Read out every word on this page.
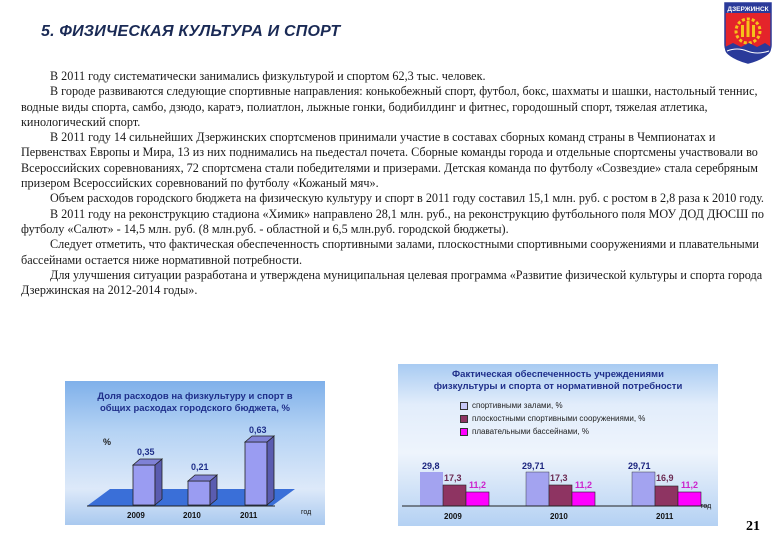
5. ФИЗИЧЕСКАЯ КУЛЬТУРА И СПОРТ
ДЗЕРЖИНСК

В 2011 году систематически занимались физкультурой и спортом 62,3 тыс. человек.

В городе развиваются следующие спортивные направления: конькобежный спорт, футбол, бокс, шахматы и шашки, настольный теннис, водные виды спорта, самбо, дзюдо, каратэ, полиатлон, лыжные гонки, бодибилдинг и фитнес, городошный спорт, тяжелая атлетика, кинологический спорт.

В 2011 году 14 сильнейших Дзержинских спортсменов принимали участие в составах сборных команд страны в Чемпионатах и Первенствах Европы и Мира, 13 из них поднимались на пьедестал почета. Сборные команды города и отдельные спортсмены участвовали во Всероссийских соревнованиях, 72 спортсмена стали победителями и призерами. Детская команда по футболу «Созвездие» стала серебряным призером Всероссийских соревнований по футболу «Кожаный мяч».

Объем расходов городского бюджета на физическую культуру и спорт в 2011 году составил 15,1 млн. руб. с ростом в 2,8 раза к 2010 году.

В 2011 году на реконструкцию стадиона «Химик» направлено 28,1 млн. руб., на реконструкцию футбольного поля МОУ ДОД ДЮСШ по футболу «Салют» - 14,5 млн. руб. (8 млн.руб. - областной и 6,5 млн.руб. городской бюджеты).

Следует отметить, что фактическая обеспеченность спортивными залами, плоскостными спортивными сооружениями и плавательными бассейнами остается ниже нормативной потребности.

Для улучшения ситуации разработана и утверждена муниципальная целевая программа «Развитие физической культуры и спорта города Дзержинская на 2012-2014 годы».

Доля расходов на физкультуру и спорт в
общих расходах городского бюджета, %
%
0,35
0,21
0,63
2009	2010	2011	год
Фактическая обеспеченность учреждениями
физкультуры и спорта от нормативной потребности
спортивными залами, %
плоскостными спортивными сооружениями, %
плавательными бассейнами, %
29,8
17,3
11,2
29,71
17,3
11,2
29,71
16,9
11,2
2009	2010	2011
год
21
